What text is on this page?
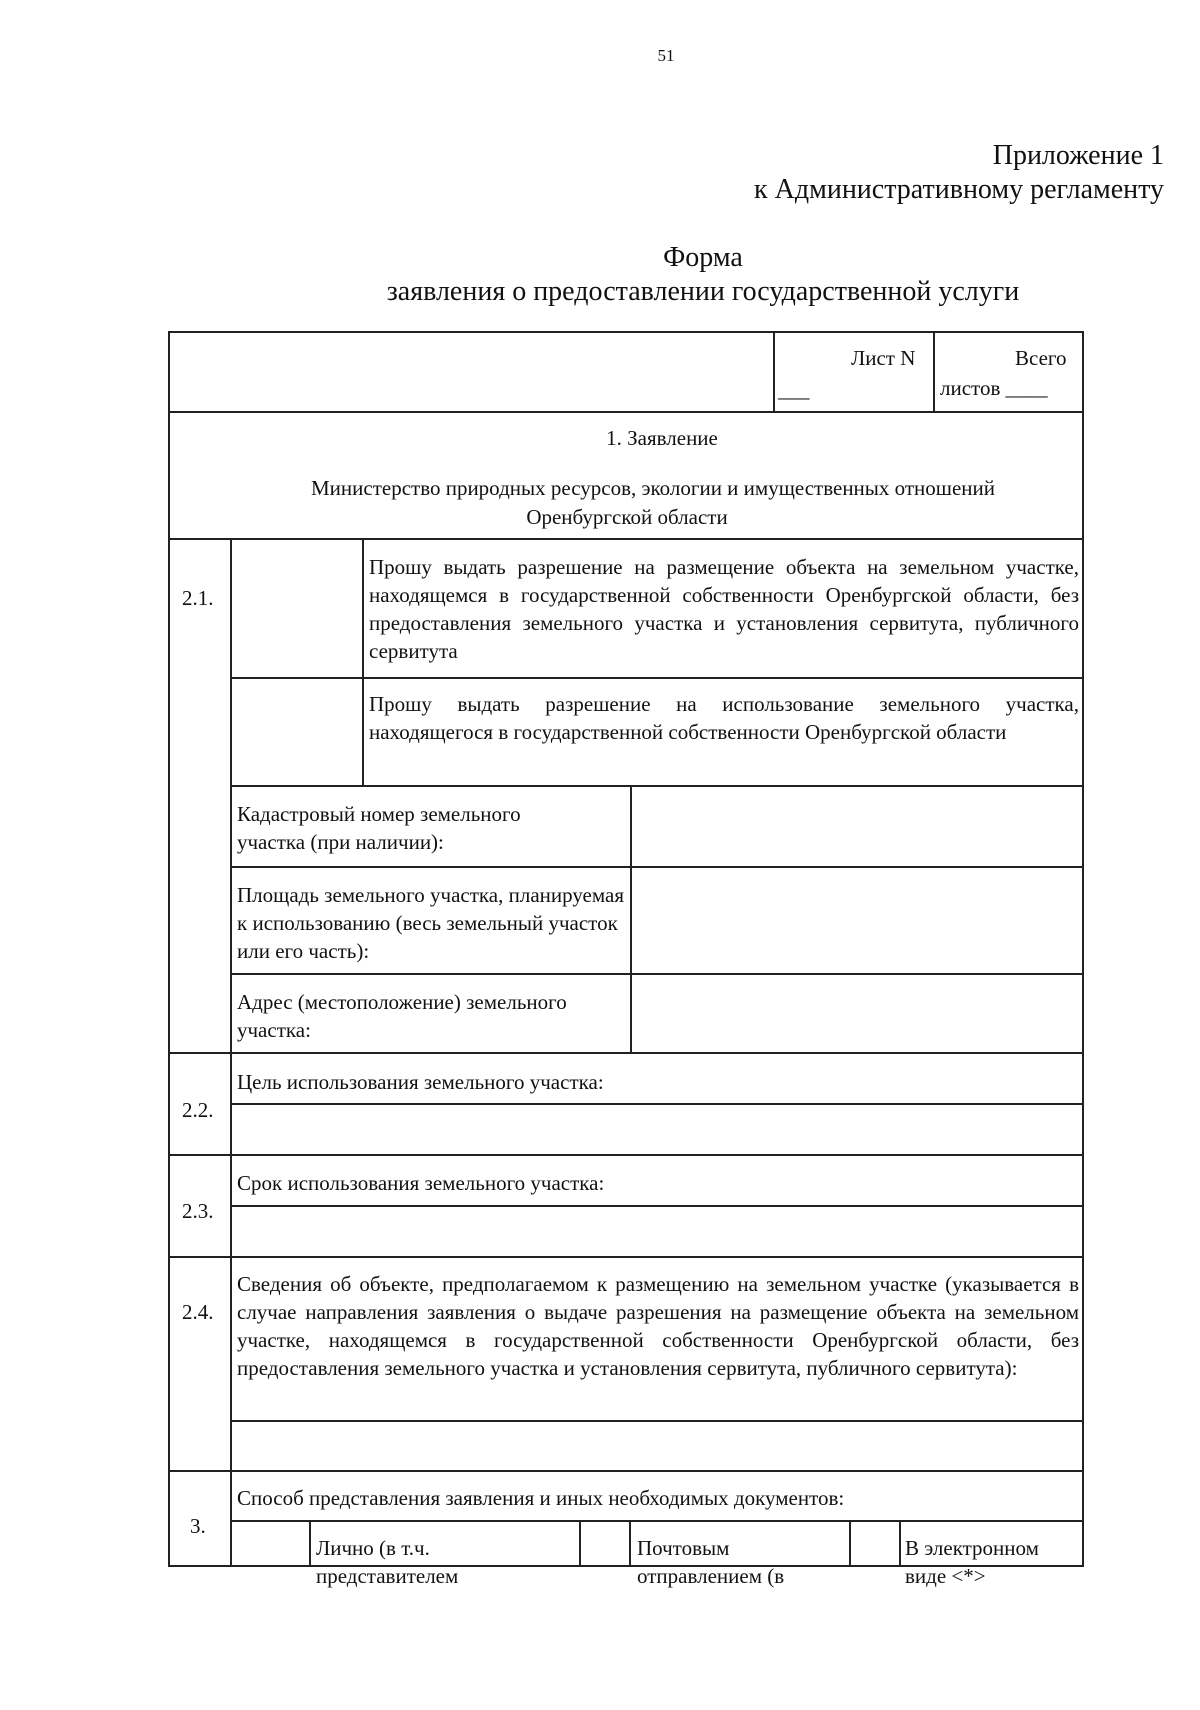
51
Приложение 1
к Административному регламенту
Форма
заявления о предоставлении государственной услуги
Лист N
___
Всего
листов ____
1. Заявление
Министерство природных ресурсов, экологии и имущественных отношений
Оренбургской области
2.1.
Прошу выдать разрешение на размещение объекта на земельном участке, находящемся в государственной собственности Оренбургской области, без предоставления земельного участка и установления сервитута, публичного сервитута
Прошу выдать разрешение на использование земельного участка, находящегося в государственной собственности Оренбургской области
Кадастровый номер земельного участка (при наличии):
Площадь земельного участка, планируемая к использованию (весь земельный участок или его часть):
Адрес (местоположение) земельного участка:
2.2.
Цель использования земельного участка:
2.3.
Срок использования земельного участка:
2.4.
Сведения об объекте, предполагаемом к размещению на земельном участке (указывается в случае направления заявления о выдаче разрешения на размещение объекта на земельном участке, находящемся в государственной собственности Оренбургской области, без предоставления земельного участка и установления сервитута, публичного сервитута):
3.
Способ представления заявления и иных необходимых документов:
Лично (в т.ч. представителем
Почтовым отправлением (в
В электронном виде <*>
